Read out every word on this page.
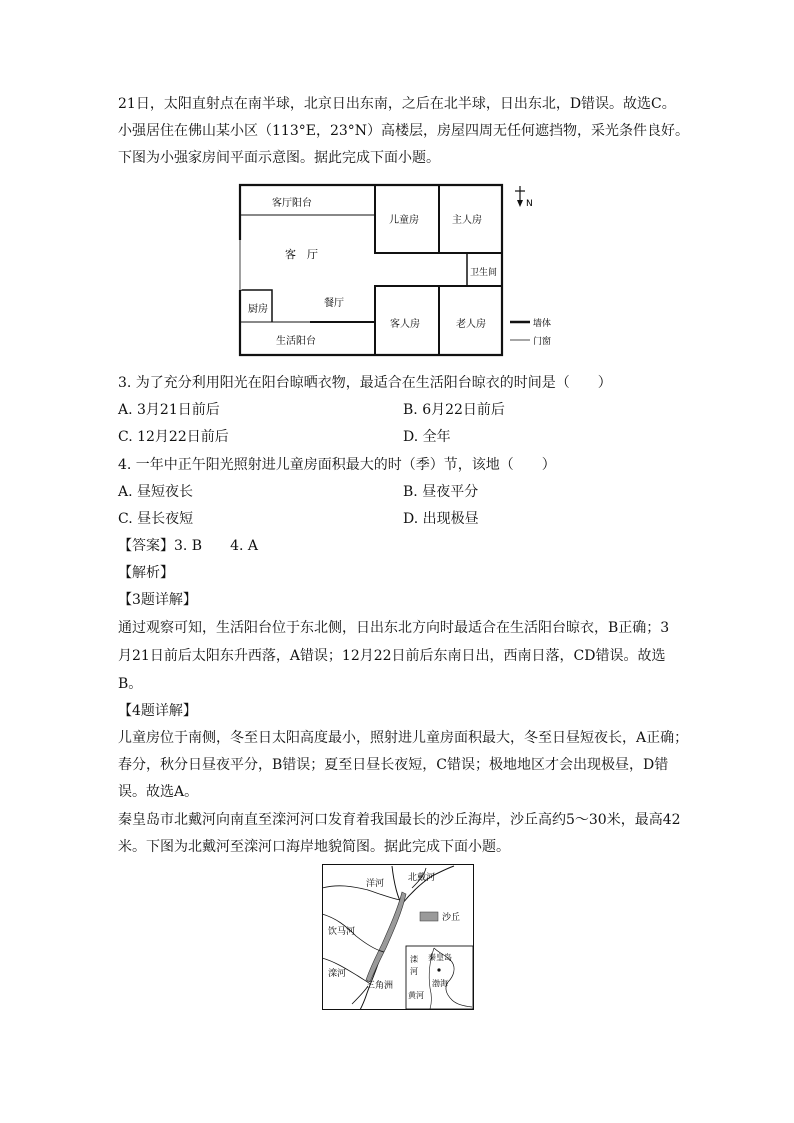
21日，太阳直射点在南半球，北京日出东南，之后在北半球，日出东北，D错误。故选C。
小强居住在佛山某小区（113°E，23°N）高楼层，房屋四周无任何遮挡物，采光条件良好。
下图为小强家房间平面示意图。据此完成下面小题。
N
客厅阳台
客　厅
儿童房	主人房
卫生间
厨房
餐厅
生活阳台
客人房	老人房	墙体
门窗
3. 为了充分利用阳光在阳台晾晒衣物，最适合在生活阳台晾衣的时间是（　　）
A. 3月21日前后	B. 6月22日前后
C. 12月22日前后	D. 全年
4. 一年中正午阳光照射进儿童房面积最大的时（季）节，该地（　　）
A. 昼短夜长	B. 昼夜平分
C. 昼长夜短	D. 出现极昼
【答案】3. B　　4. A
【解析】
【3题详解】
通过观察可知，生活阳台位于东北侧，日出东北方向时最适合在生活阳台晾衣，B正确；3
月21日前后太阳东升西落，A错误；12月22日前后东南日出，西南日落，CD错误。故选
B。
【4题详解】
儿童房位于南侧，冬至日太阳高度最小，照射进儿童房面积最大，冬至日昼短夜长，A正确；
春分，秋分日昼夜平分，B错误；夏至日昼长夜短，C错误；极地地区才会出现极昼，D错
误。故选A。
秦皇岛市北戴河向南直至滦河河口发育着我国最长的沙丘海岸，沙丘高约5～30米，最高42
米。下图为北戴河至滦河口海岸地貌简图。据此完成下面小题。
洋河
北戴河
沙丘
饮马河
滦河
三角洲
滦
河
秦皇岛
渤海
黄河
